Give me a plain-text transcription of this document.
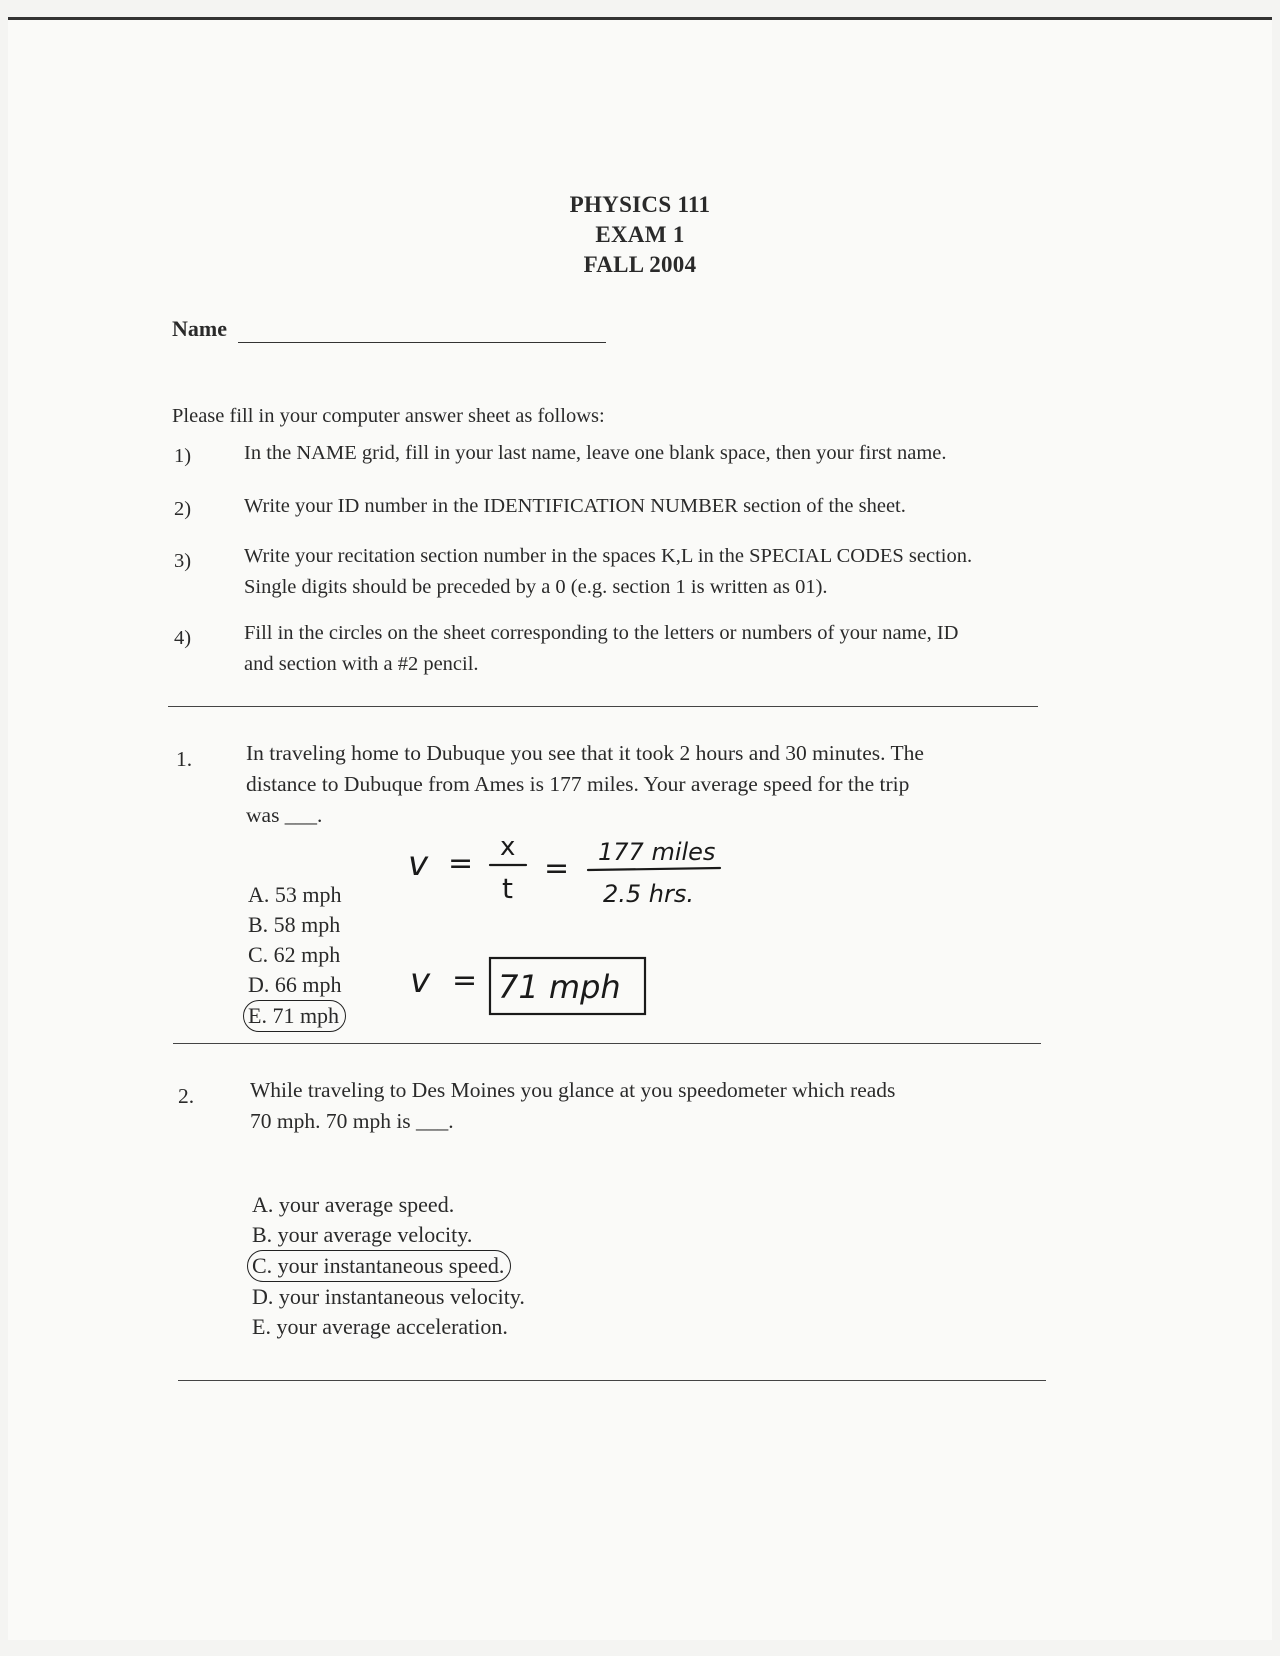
PHYSICS 111
EXAM 1
FALL 2004
Name
Please fill in your computer answer sheet as follows:
1)	In the NAME grid, fill in your last name, leave one blank space, then your first name.
2)	Write your ID number in the IDENTIFICATION NUMBER section of the sheet.
3)	Write your recitation section number in the spaces K,L in the SPECIAL CODES section.
Single digits should be preceded by a 0 (e.g. section 1 is written as 01).
4)	Fill in the circles on the sheet corresponding to the letters or numbers of your name, ID
and section with a #2 pencil.
1.	In traveling home to Dubuque you see that it took 2 hours and 30 minutes. The
distance to Dubuque from Ames is 177 miles. Your average speed for the trip
was ___.
A. 53 mph
B. 58 mph
C. 62 mph
D. 66 mph
E. 71 mph
v = x
t
= 177 miles
2.5 hrs.
v = 71 mph
2.	While traveling to Des Moines you glance at you speedometer which reads
70 mph. 70 mph is ___.
A. your average speed.
B. your average velocity.
C. your instantaneous speed.
D. your instantaneous velocity.
E. your average acceleration.
